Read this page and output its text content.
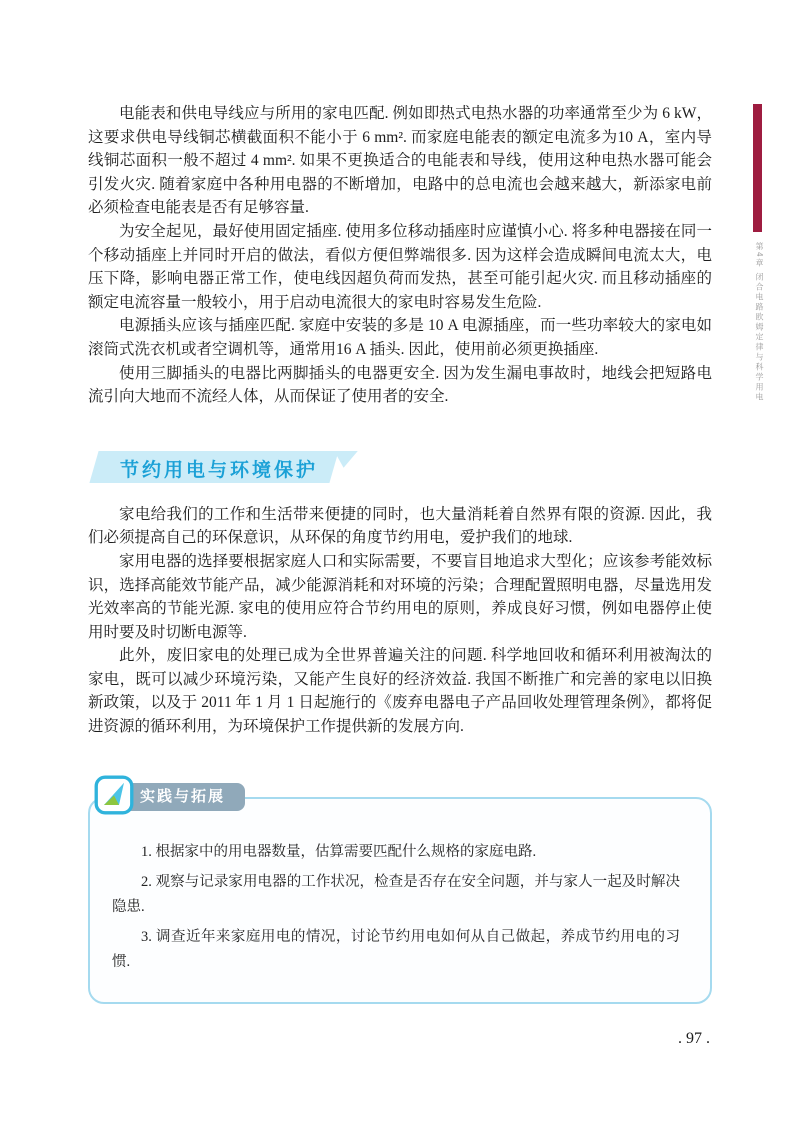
第4章 闭合电路欧姆定律与科学用电

电能表和供电导线应与所用的家电匹配. 例如即热式电热水器的功率通常至少为 6 kW，这要求供电导线铜芯横截面积不能小于 6 mm². 而家庭电能表的额定电流多为10 A，室内导线铜芯面积一般不超过 4 mm². 如果不更换适合的电能表和导线，使用这种电热水器可能会引发火灾. 随着家庭中各种用电器的不断增加，电路中的总电流也会越来越大，新添家电前必须检查电能表是否有足够容量.

为安全起见，最好使用固定插座. 使用多位移动插座时应谨慎小心. 将多种电器接在同一个移动插座上并同时开启的做法，看似方便但弊端很多. 因为这样会造成瞬间电流太大，电压下降，影响电器正常工作，使电线因超负荷而发热，甚至可能引起火灾. 而且移动插座的额定电流容量一般较小，用于启动电流很大的家电时容易发生危险.

电源插头应该与插座匹配. 家庭中安装的多是 10 A 电源插座，而一些功率较大的家电如滚筒式洗衣机或者空调机等，通常用16 A 插头. 因此，使用前必须更换插座.

使用三脚插头的电器比两脚插头的电器更安全. 因为发生漏电事故时，地线会把短路电流引向大地而不流经人体，从而保证了使用者的安全.

节约用电与环境保护

家电给我们的工作和生活带来便捷的同时，也大量消耗着自然界有限的资源. 因此，我们必须提高自己的环保意识，从环保的角度节约用电，爱护我们的地球.

家用电器的选择要根据家庭人口和实际需要，不要盲目地追求大型化；应该参考能效标识，选择高能效节能产品，减少能源消耗和对环境的污染；合理配置照明电器，尽量选用发光效率高的节能光源. 家电的使用应符合节约用电的原则，养成良好习惯，例如电器停止使用时要及时切断电源等.

此外，废旧家电的处理已成为全世界普遍关注的问题. 科学地回收和循环利用被淘汰的家电，既可以减少环境污染，又能产生良好的经济效益. 我国不断推广和完善的家电以旧换新政策，以及于 2011 年 1 月 1 日起施行的《废弃电器电子产品回收处理管理条例》，都将促进资源的循环利用，为环境保护工作提供新的发展方向.

实践与拓展

1. 根据家中的用电器数量，估算需要匹配什么规格的家庭电路.

2. 观察与记录家用电器的工作状况，检查是否存在安全问题，并与家人一起及时解决隐患.

3. 调查近年来家庭用电的情况，讨论节约用电如何从自己做起，养成节约用电的习惯.

. 97 .
